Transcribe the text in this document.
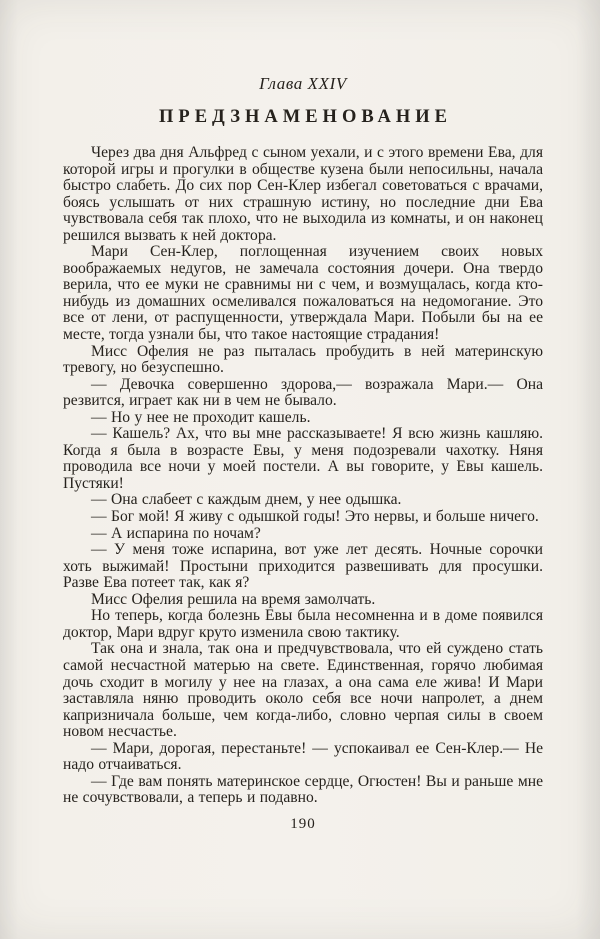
Глава XXIV
ПРЕДЗНАМЕНОВАНИЕ

Через два дня Альфред с сыном уехали, и с этого времени Ева, для которой игры и прогулки в обществе кузена были непосильны, начала быстро слабеть. До сих пор Сен-Клер избегал советоваться с врачами, боясь услышать от них страшную истину, но последние дни Ева чувствовала себя так плохо, что не выходила из комнаты, и он наконец решился вызвать к ней доктора.

Мари Сен-Клер, поглощенная изучением своих новых воображаемых недугов, не замечала состояния дочери. Она твердо верила, что ее муки не сравнимы ни с чем, и возмущалась, когда кто-нибудь из домашних осмеливался пожаловаться на недомогание. Это все от лени, от распущенности, утверждала Мари. Побыли бы на ее месте, тогда узнали бы, что такое настоящие страдания!

Мисс Офелия не раз пыталась пробудить в ней материнскую тревогу, но безуспешно.

— Девочка совершенно здорова,— возражала Мари.— Она резвится, играет как ни в чем не бывало.

— Но у нее не проходит кашель.

— Кашель? Ах, что вы мне рассказываете! Я всю жизнь кашляю. Когда я была в возрасте Евы, у меня подозревали чахотку. Няня проводила все ночи у моей постели. А вы говорите, у Евы кашель. Пустяки!

— Она слабеет с каждым днем, у нее одышка.

— Бог мой! Я живу с одышкой годы! Это нервы, и больше ничего.

— А испарина по ночам?

— У меня тоже испарина, вот уже лет десять. Ночные сорочки хоть выжимай! Простыни приходится развешивать для просушки. Разве Ева потеет так, как я?

Мисс Офелия решила на время замолчать.

Но теперь, когда болезнь Евы была несомненна и в доме появился доктор, Мари вдруг круто изменила свою тактику.

Так она и знала, так она и предчувствовала, что ей суждено стать самой несчастной матерью на свете. Единственная, горячо любимая дочь сходит в могилу у нее на глазах, а она сама еле жива! И Мари заставляла няню проводить около себя все ночи напролет, а днем капризничала больше, чем когда-либо, словно черпая силы в своем новом несчастье.

— Мари, дорогая, перестаньте! — успокаивал ее Сен-Клер.— Не надо отчаиваться.

— Где вам понять материнское сердце, Огюстен! Вы и раньше мне не сочувствовали, а теперь и подавно.

190
